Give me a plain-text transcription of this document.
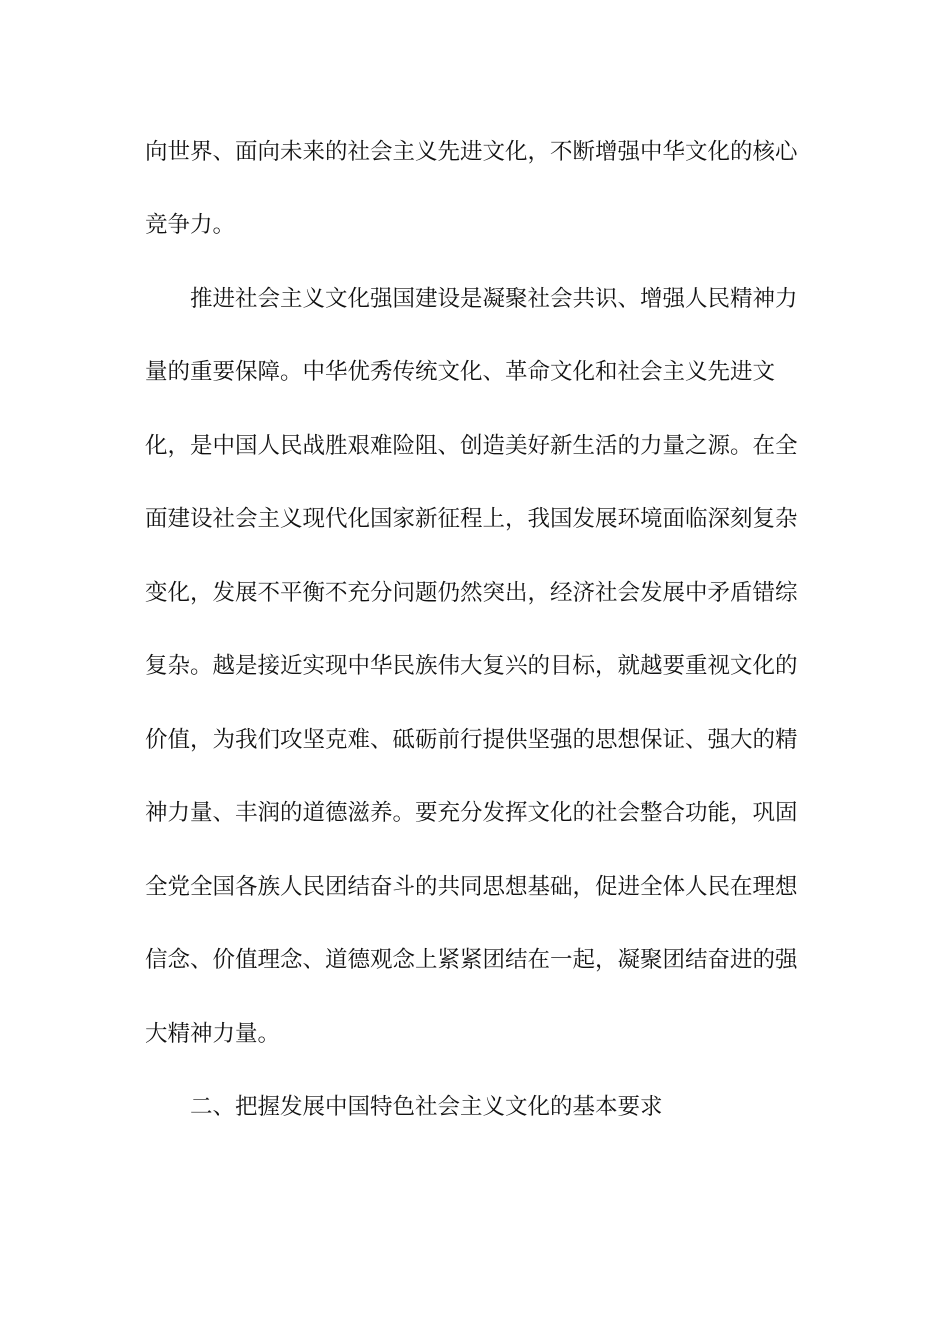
向世界、面向未来的社会主义先进文化，不断增强中华文化的核心
竞争力。
推进社会主义文化强国建设是凝聚社会共识、增强人民精神力
量的重要保障。中华优秀传统文化、革命文化和社会主义先进文
化，是中国人民战胜艰难险阻、创造美好新生活的力量之源。在全
面建设社会主义现代化国家新征程上，我国发展环境面临深刻复杂
变化，发展不平衡不充分问题仍然突出，经济社会发展中矛盾错综
复杂。越是接近实现中华民族伟大复兴的目标，就越要重视文化的
价值，为我们攻坚克难、砥砺前行提供坚强的思想保证、强大的精
神力量、丰润的道德滋养。要充分发挥文化的社会整合功能，巩固
全党全国各族人民团结奋斗的共同思想基础，促进全体人民在理想
信念、价值理念、道德观念上紧紧团结在一起，凝聚团结奋进的强
大精神力量。
二、把握发展中国特色社会主义文化的基本要求
